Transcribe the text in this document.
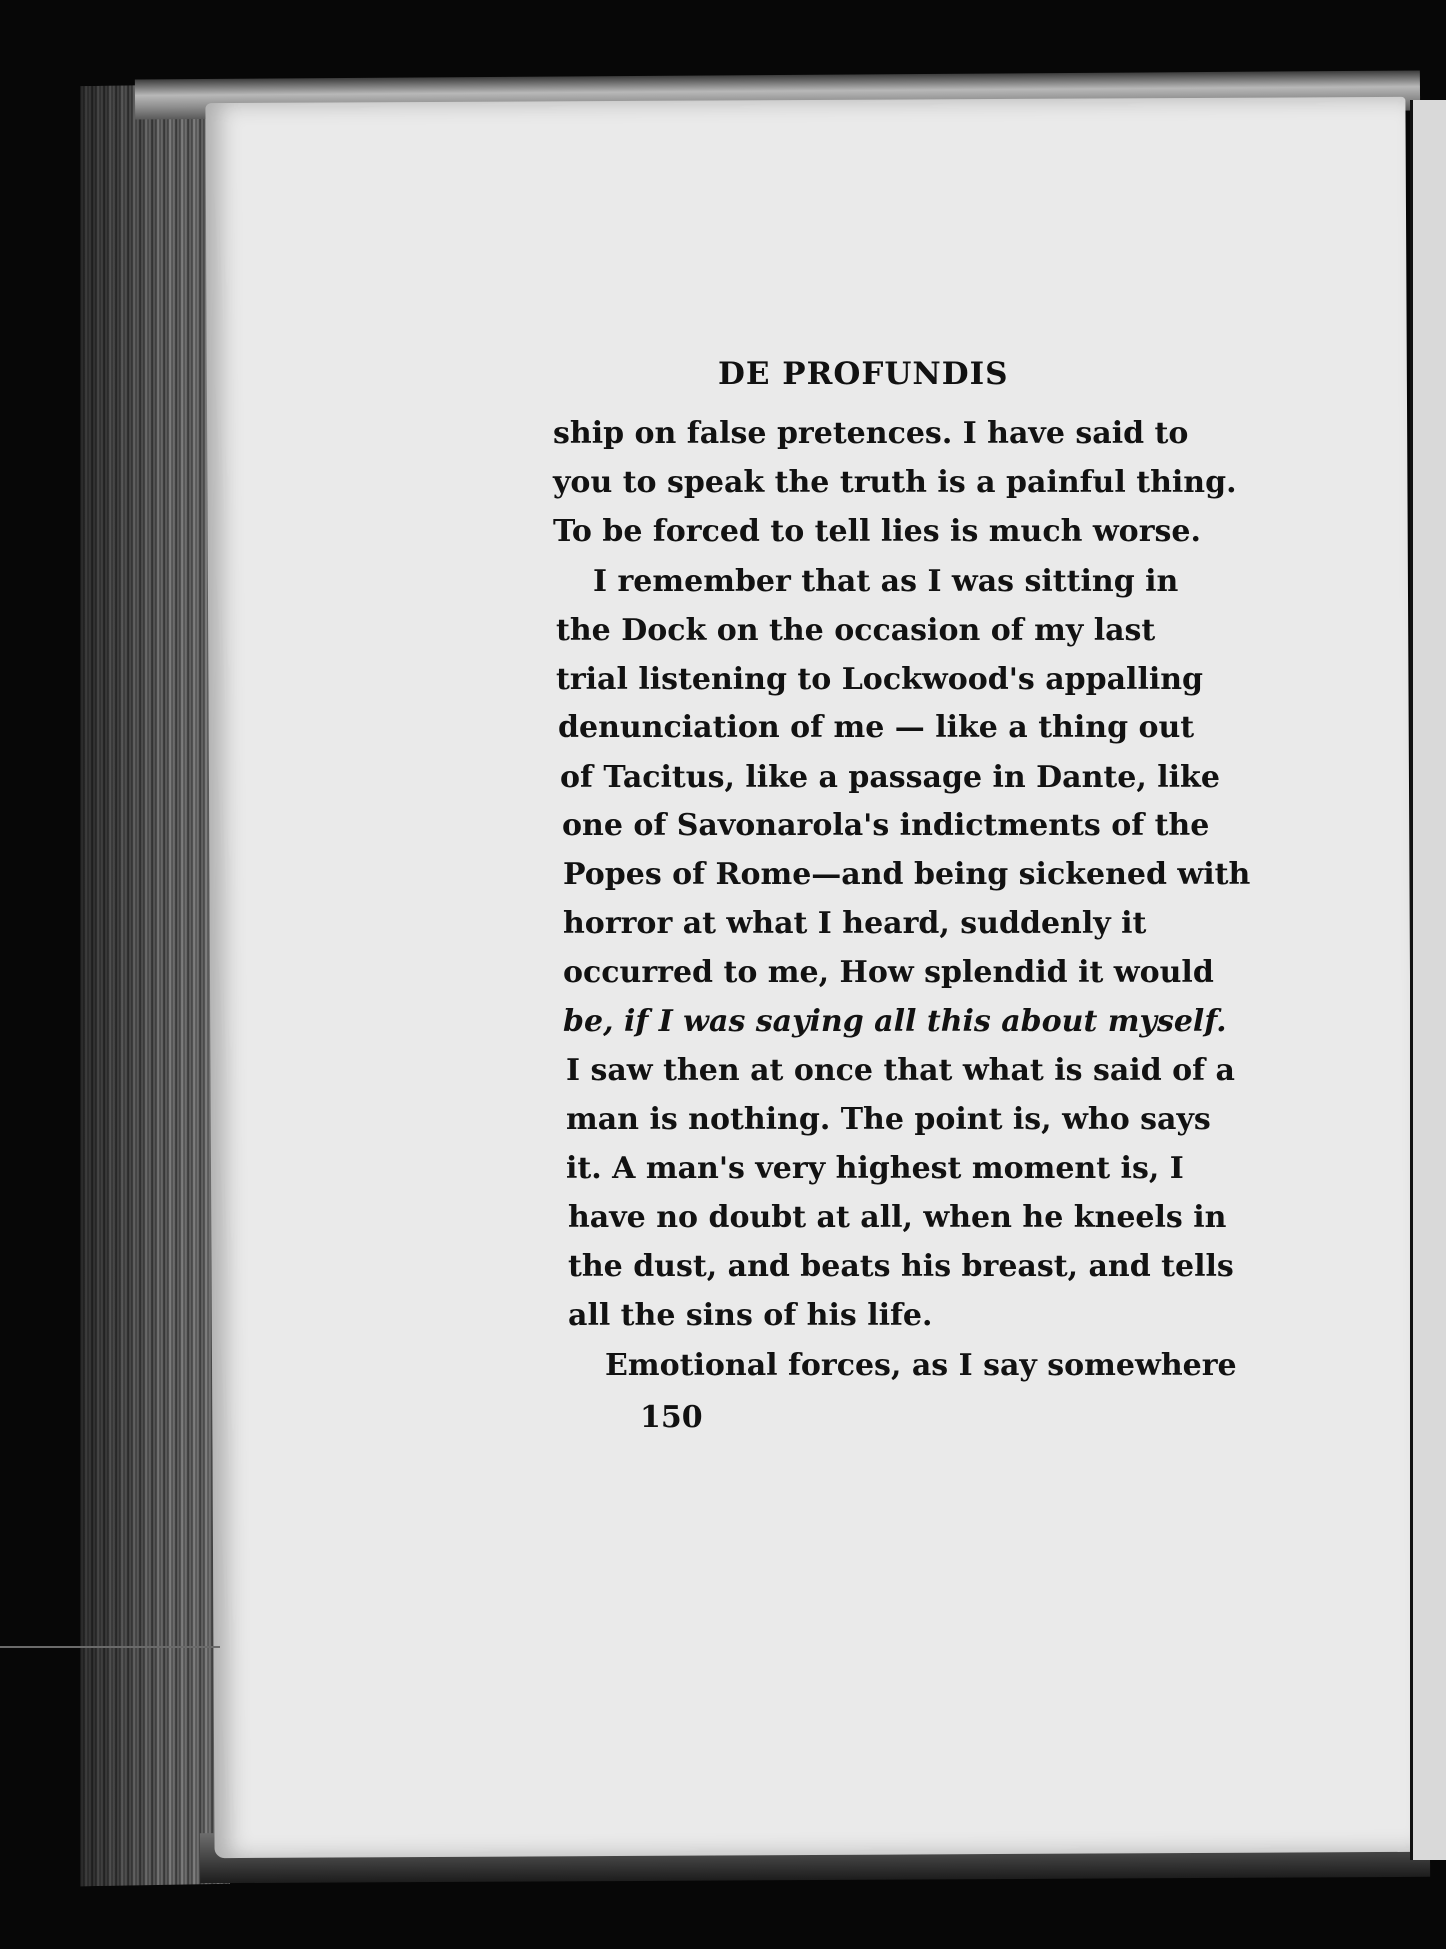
DE PROFUNDIS
ship on false pretences. I have said to
you to speak the truth is a painful thing.
To be forced to tell lies is much worse.
I remember that as I was sitting in
the Dock on the occasion of my last
trial listening to Lockwood's appalling
denunciation of me — like a thing out
of Tacitus, like a passage in Dante, like
one of Savonarola's indictments of the
Popes of Rome—and being sickened with
horror at what I heard, suddenly it
occurred to me, How splendid it would
be, if I was saying all this about myself.
I saw then at once that what is said of a
man is nothing. The point is, who says
it. A man's very highest moment is, I
have no doubt at all, when he kneels in
the dust, and beats his breast, and tells
all the sins of his life.
Emotional forces, as I say somewhere
150
